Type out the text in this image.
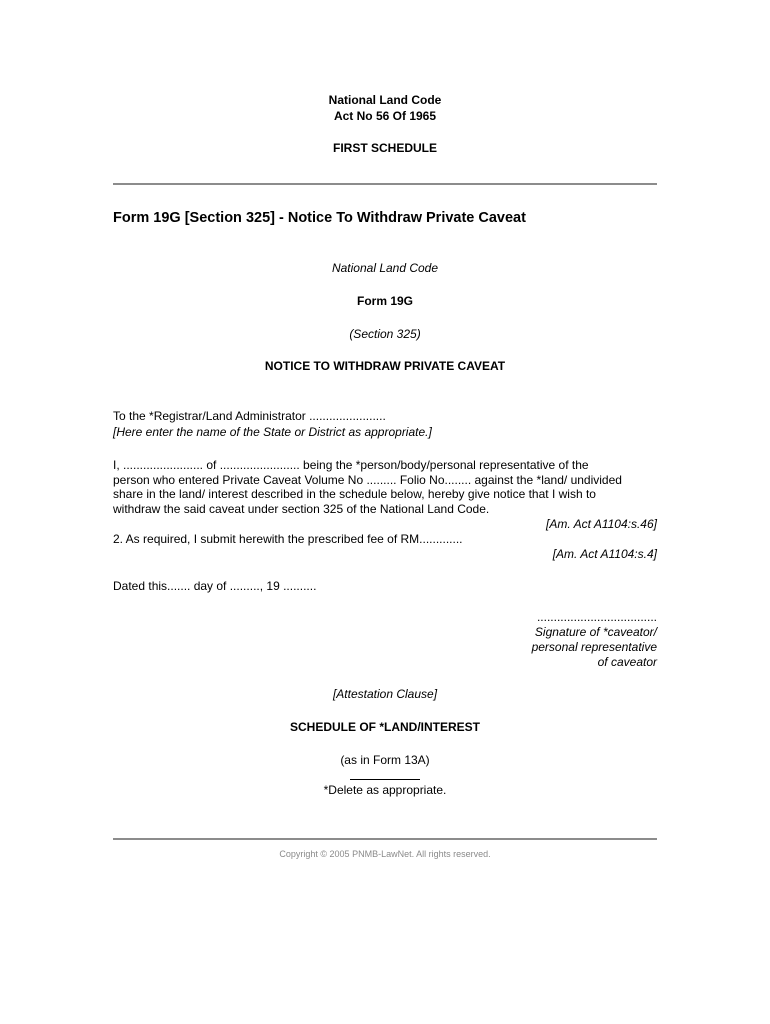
National Land Code

Act No 56 Of 1965

FIRST SCHEDULE

Form 19G [Section 325] - Notice To Withdraw Private Caveat

National Land Code

Form 19G

(Section 325)

NOTICE TO WITHDRAW PRIVATE CAVEAT

To the *Registrar/Land Administrator .......................

[Here enter the name of the State or District as appropriate.]

I, ........................ of ........................ being the *person/body/personal representative of the

person who entered Private Caveat Volume No ......... Folio No........ against the *land/ undivided

share in the land/ interest described in the schedule below, hereby give notice that I wish to

withdraw the said caveat under section 325 of the National Land Code.

[Am. Act A1104:s.46]

2. As required, I submit herewith the prescribed fee of RM.............

[Am. Act A1104:s.4]

Dated this....... day of ........., 19 ..........

....................................

Signature of *caveator/

personal representative

of caveator

[Attestation Clause]

SCHEDULE OF *LAND/INTEREST

(as in Form 13A)

*Delete as appropriate.

Copyright © 2005 PNMB-LawNet. All rights reserved.
